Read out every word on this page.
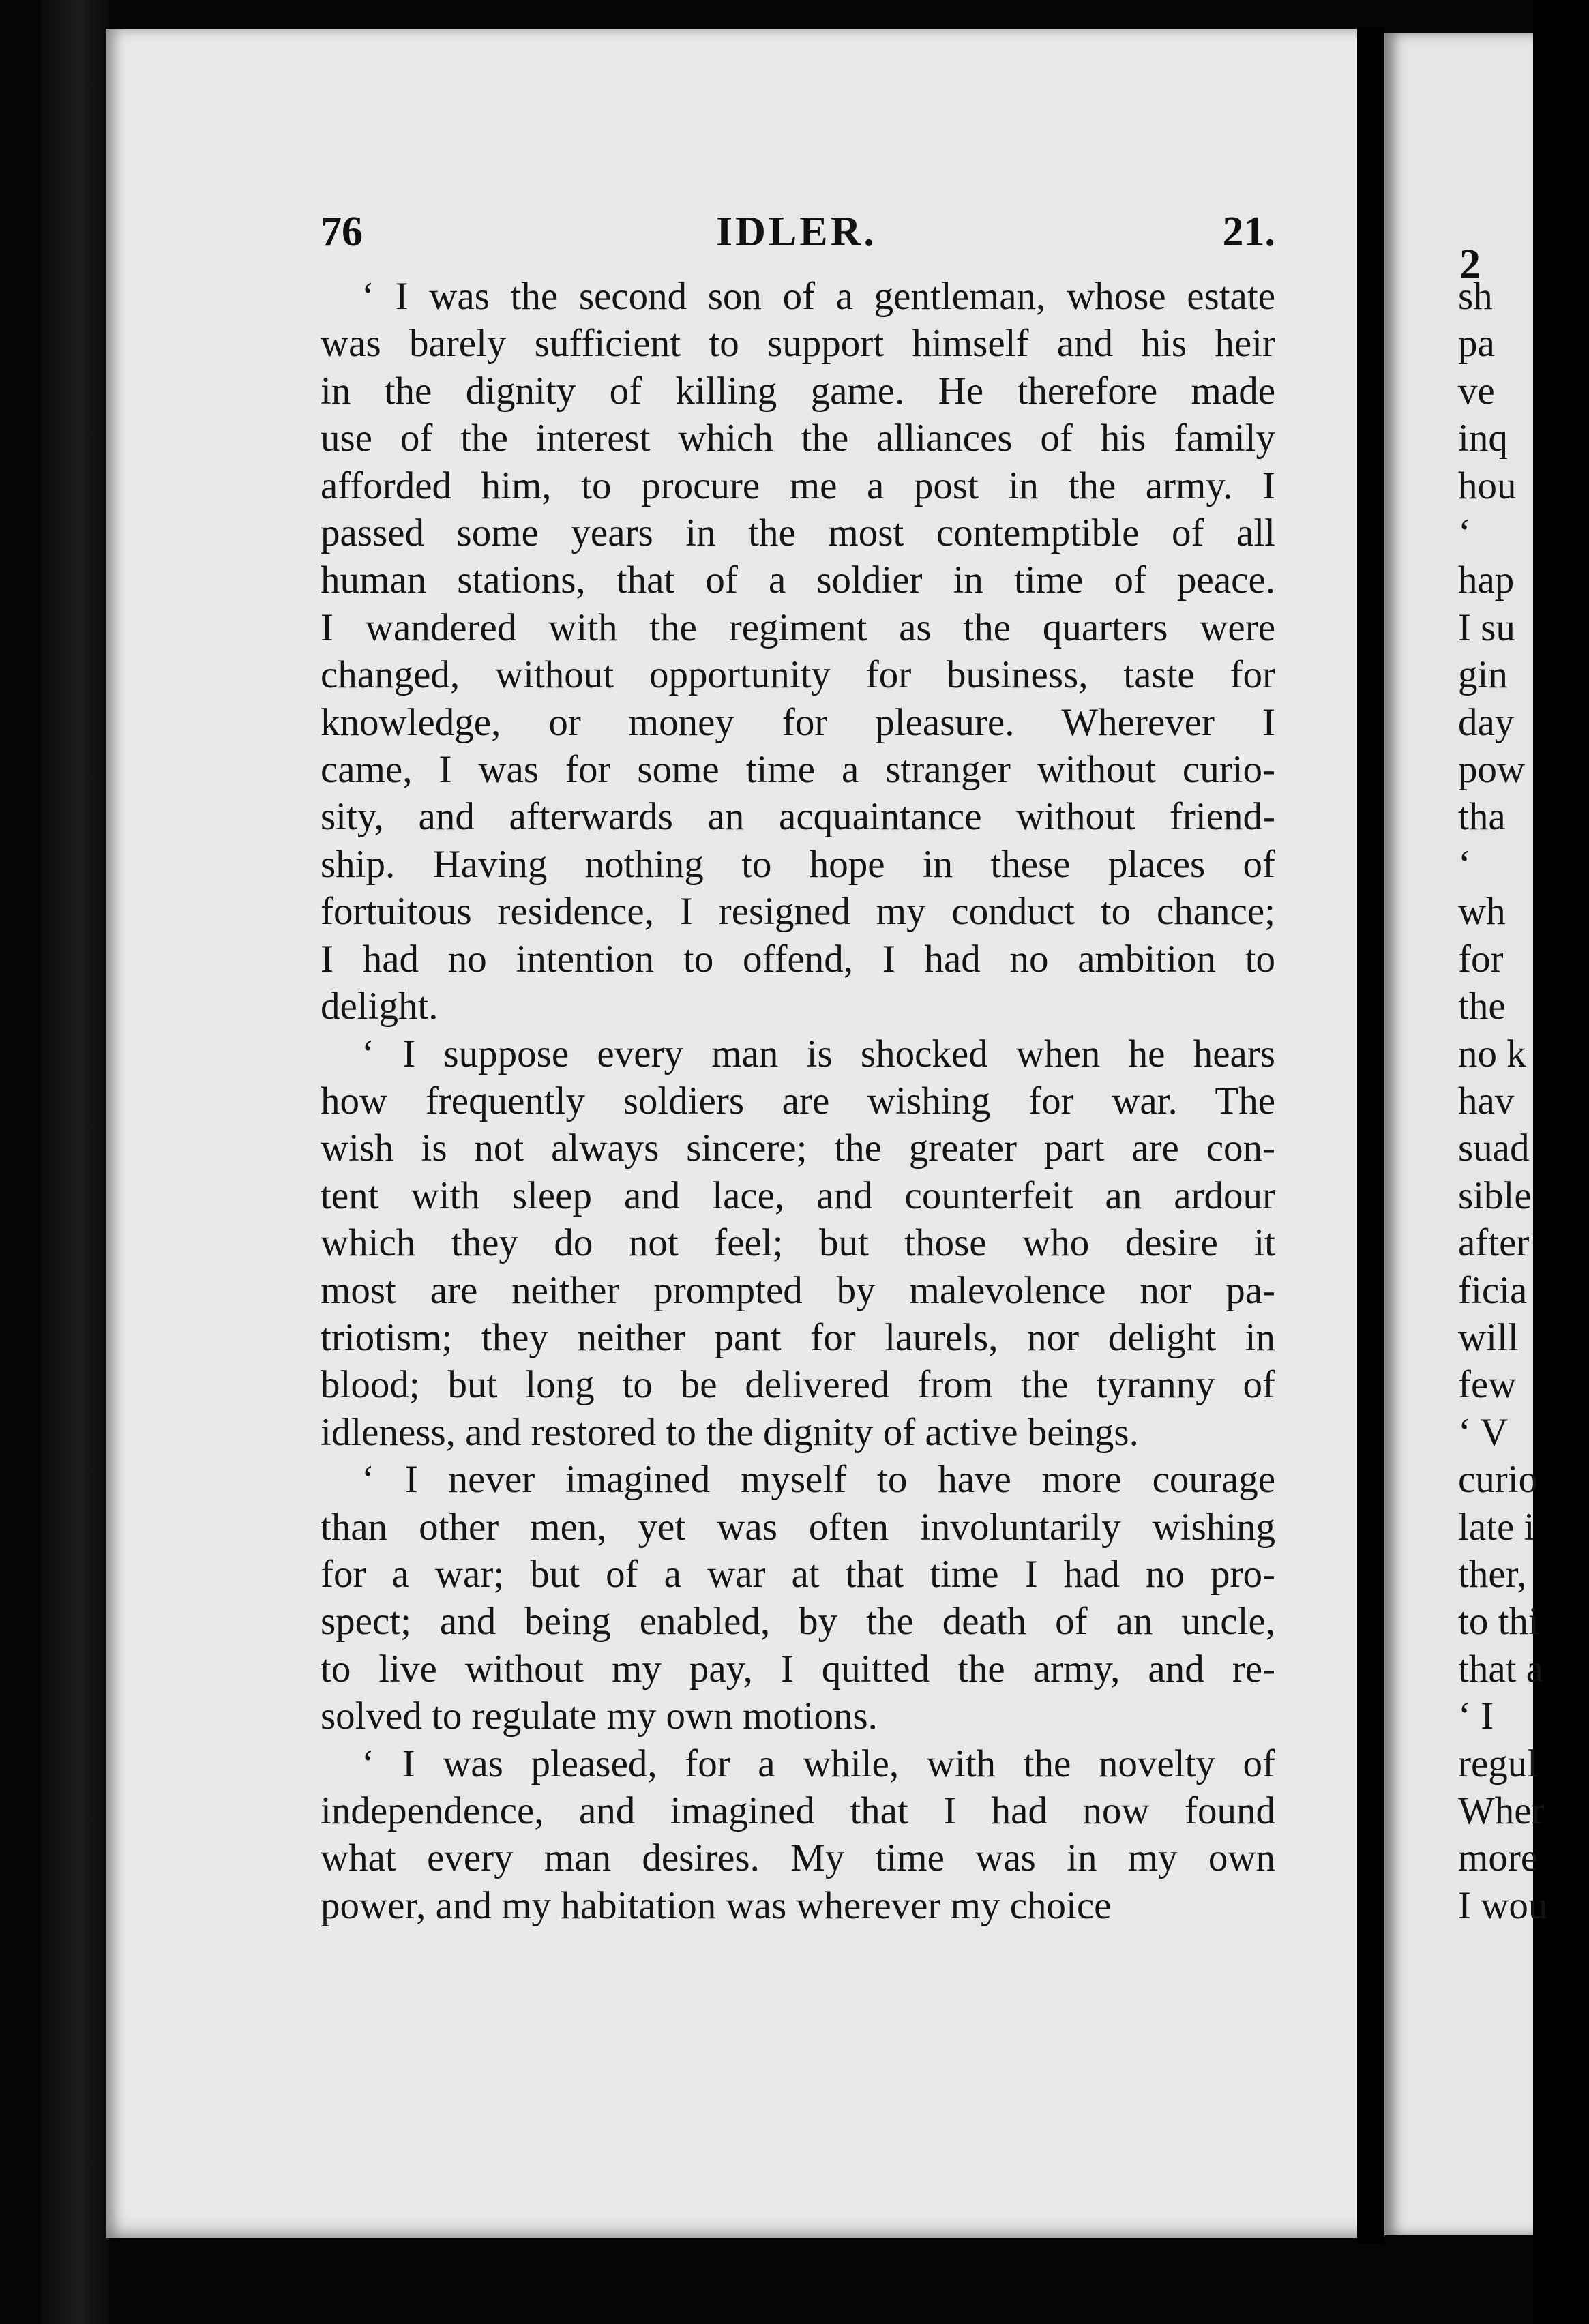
76	IDLER.	21.
‘ I was the second son of a gentleman, whose estate
was barely sufficient to support himself and his heir
in the dignity of killing game. He therefore made
use of the interest which the alliances of his family
afforded him, to procure me a post in the army. I
passed some years in the most contemptible of all
human stations, that of a soldier in time of peace.
I wandered with the regiment as the quarters were
changed, without opportunity for business, taste for
knowledge, or money for pleasure. Wherever I
came, I was for some time a stranger without curio-
sity, and afterwards an acquaintance without friend-
ship. Having nothing to hope in these places of
fortuitous residence, I resigned my conduct to chance;
I had no intention to offend, I had no ambition to
delight.
‘ I suppose every man is shocked when he hears
how frequently soldiers are wishing for war. The
wish is not always sincere; the greater part are con-
tent with sleep and lace, and counterfeit an ardour
which they do not feel; but those who desire it
most are neither prompted by malevolence nor pa-
triotism; they neither pant for laurels, nor delight in
blood; but long to be delivered from the tyranny of
idleness, and restored to the dignity of active beings.
‘ I never imagined myself to have more courage
than other men, yet was often involuntarily wishing
for a war; but of a war at that time I had no pro-
spect; and being enabled, by the death of an uncle,
to live without my pay, I quitted the army, and re-
solved to regulate my own motions.
‘ I was pleased, for a while, with the novelty of
independence, and imagined that I had now found
what every man desires. My time was in my own
power, and my habitation was wherever my choice
2
sh
pa
ve
inq
hou
‘
hap
I su
gin
day
pow
tha
‘
wh
for
the
no k
hav
suad
sible
after
ficia
will
few
‘ V
curio
late i
ther,
to thi
that a
‘ I
regul
Wher
more
I wou
